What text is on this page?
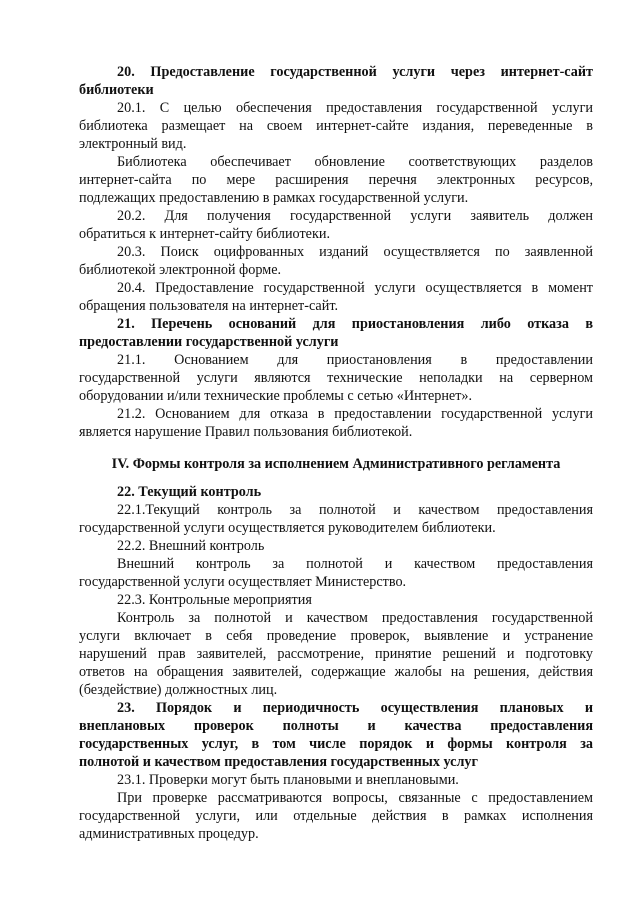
20. Предоставление государственной услуги через интернет-сайт
библиотеки
20.1. С целью обеспечения предоставления государственной услуги
библиотека размещает на своем интернет-сайте издания, переведенные в
электронный вид.
Библиотека обеспечивает обновление соответствующих разделов
интернет-сайта по мере расширения перечня электронных ресурсов,
подлежащих предоставлению в рамках государственной услуги.
20.2. Для получения государственной услуги заявитель должен
обратиться к интернет-сайту библиотеки.
20.3. Поиск оцифрованных изданий осуществляется по заявленной
библиотекой электронной форме.
20.4. Предоставление государственной услуги осуществляется в момент
обращения пользователя на интернет-сайт.
21. Перечень оснований для приостановления либо отказа в
предоставлении государственной услуги
21.1. Основанием для приостановления в предоставлении
государственной услуги являются технические неполадки на серверном
оборудовании и/или технические проблемы с сетью «Интернет».
21.2. Основанием для отказа в предоставлении государственной услуги
является нарушение Правил пользования библиотекой.
IV. Формы контроля за исполнением Административного регламента
22. Текущий контроль
22.1.Текущий контроль за полнотой и качеством предоставления
государственной услуги осуществляется руководителем библиотеки.
22.2. Внешний контроль
Внешний контроль за полнотой и качеством предоставления
государственной услуги осуществляет Министерство.
22.3. Контрольные мероприятия
Контроль за полнотой и качеством предоставления государственной
услуги включает в себя проведение проверок, выявление и устранение
нарушений прав заявителей, рассмотрение, принятие решений и подготовку
ответов на обращения заявителей, содержащие жалобы на решения, действия
(бездействие) должностных лиц.
23. Порядок и периодичность осуществления плановых и
внеплановых проверок полноты и качества предоставления
государственных услуг, в том числе порядок и формы контроля за
полнотой и качеством предоставления государственных услуг
23.1. Проверки могут быть плановыми и внеплановыми.
При проверке рассматриваются вопросы, связанные с предоставлением
государственной услуги, или отдельные действия в рамках исполнения
административных процедур.
